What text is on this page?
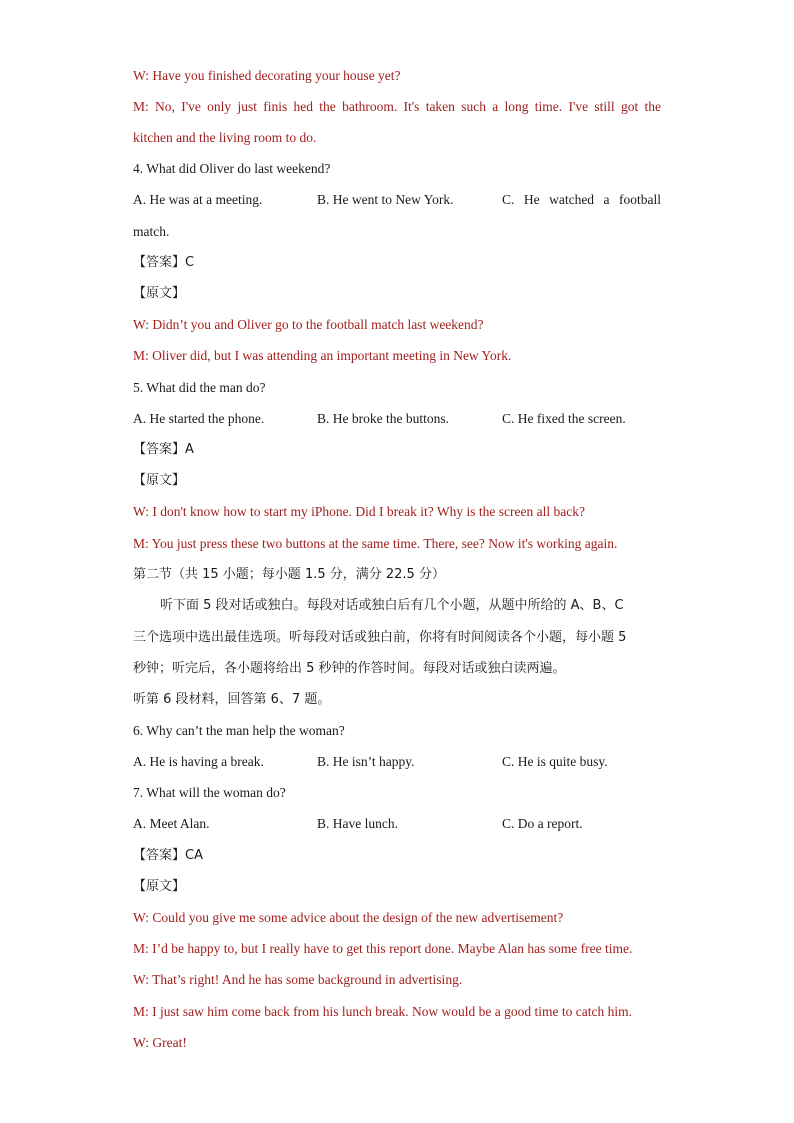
W: Have you finished decorating your house yet?
M: No, I've only just finis hed the bathroom. It's taken such a long time. I've still got the
kitchen and the living room to do.
4. What did Oliver do last weekend?
A. He was at a meeting.	B. He went to New York.	C. He watched a football
match.
【答案】C
【原文】
W: Didn’t you and Oliver go to the football match last weekend?
M: Oliver did, but I was attending an important meeting in New York.
5. What did the man do?
A. He started the phone.	B. He broke the buttons.	C. He fixed the screen.
【答案】A
【原文】
W: I don't know how to start my iPhone. Did I break it? Why is the screen all back?
M: You just press these two buttons at the same time. There, see? Now it's working again.
第二节（共 15 小题；每小题 1.5 分，满分 22.5 分）
听下面 5 段对话或独白。每段对话或独白后有几个小题，从题中所给的 A、B、C
三个选项中选出最佳选项。听每段对话或独白前，你将有时间阅读各个小题，每小题 5
秒钟；听完后，各小题将给出 5 秒钟的作答时间。每段对话或独白读两遍。
听第 6 段材料，回答第 6、7 题。
6. Why can’t the man help the woman?
A. He is having a break.	B. He isn’t happy.	C. He is quite busy.
7. What will the woman do?
A. Meet Alan.	B. Have lunch.	C. Do a report.
【答案】CA
【原文】
W: Could you give me some advice about the design of the new advertisement?
M: I’d be happy to, but I really have to get this report done. Maybe Alan has some free time.
W: That’s right! And he has some background in advertising.
M: I just saw him come back from his lunch break. Now would be a good time to catch him.
W: Great!
